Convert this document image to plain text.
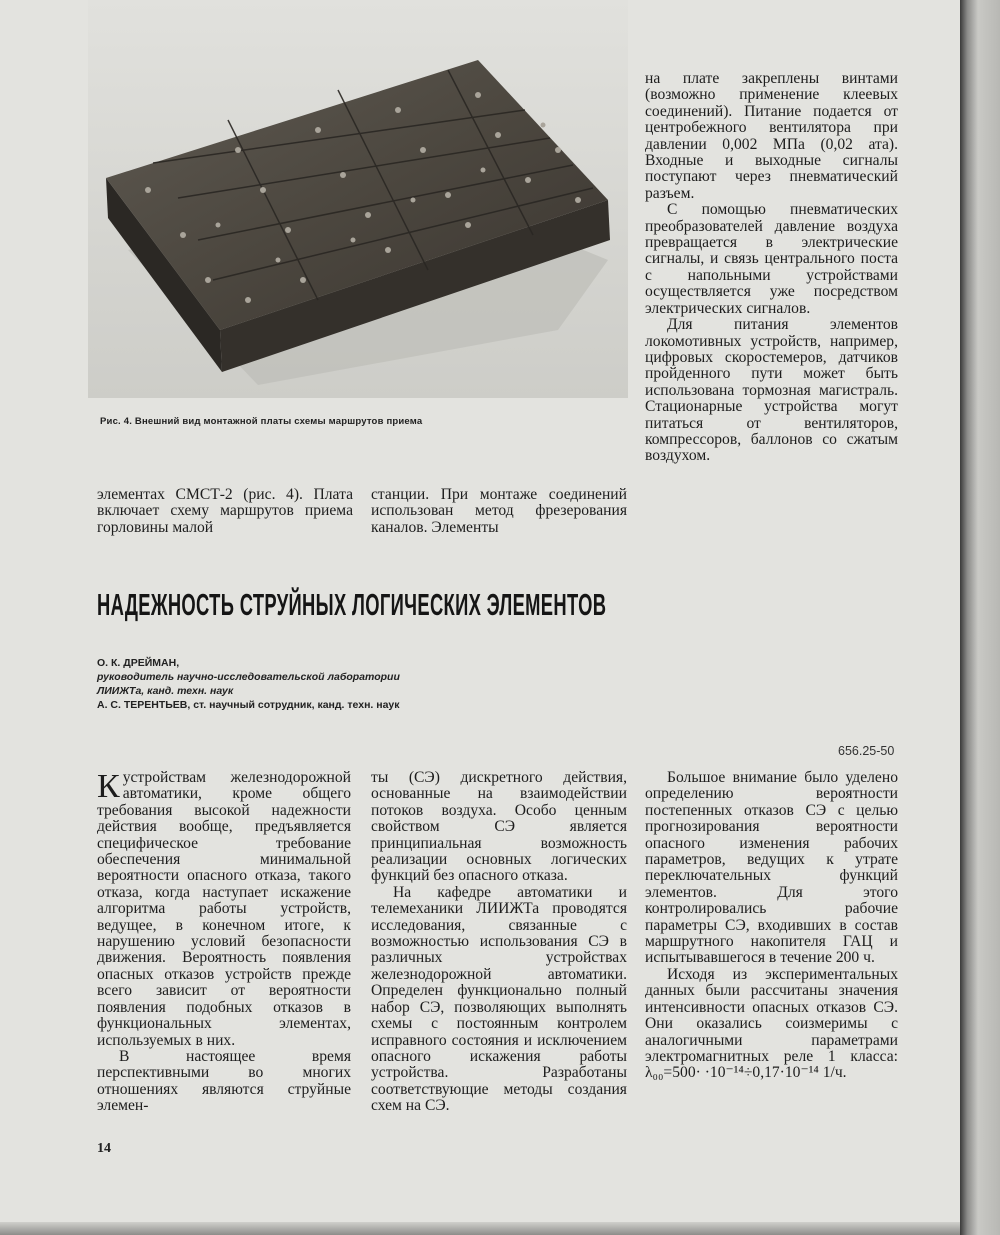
Рис. 4. Внешний вид монтажной платы схемы маршрутов приема

элементах СМСТ-2 (рис. 4). Плата включает схему маршрутов приема горловины малой

станции. При монтаже соединений использован метод фрезерования каналов. Элементы

на плате закреплены винтами (возможно применение клеевых соединений). Питание подается от центробежного вентилятора при давлении 0,002 МПа (0,02 ата). Входные и выходные сигналы поступают через пневматический разъем.

С помощью пневматических преобразователей давление воздуха превращается в электрические сигналы, и связь центрального поста с напольными устройствами осуществляется уже посредством электрических сигналов.

Для питания элементов локомотивных устройств, например, цифровых скоростемеров, датчиков пройденного пути может быть использована тормозная магистраль. Стационарные устройства могут питаться от вентиляторов, компрессоров, баллонов со сжатым воздухом.

НАДЕЖНОСТЬ СТРУЙНЫХ ЛОГИЧЕСКИХ ЭЛЕМЕНТОВ
О. К. ДРЕЙМАН,
руководитель научно-исследовательской лаборатории
ЛИИЖТа, канд. техн. наук
А. С. ТЕРЕНТЬЕВ, ст. научный сотрудник, канд. техн. наук
656.25-50

Кустройствам железнодорожной автоматики, кроме общего требования высокой надежности действия вообще, предъявляется специфическое требование обеспечения минимальной вероятности опасного отказа, такого отказа, когда наступает искажение алгоритма работы устройств, ведущее, в конечном итоге, к нарушению условий безопасности движения. Вероятность появления опасных отказов устройств прежде всего зависит от вероятности появления подобных отказов в функциональных элементах, используемых в них.

В настоящее время перспективными во многих отношениях являются струйные элемен-

ты (СЭ) дискретного действия, основанные на взаимодействии потоков воздуха. Особо ценным свойством СЭ является принципиальная возможность реализации основных логических функций без опасного отказа.

На кафедре автоматики и телемеханики ЛИИЖТа проводятся исследования, связанные с возможностью использования СЭ в различных устройствах железнодорожной автоматики. Определен функционально полный набор СЭ, позволяющих выполнять схемы с постоянным контролем исправного состояния и исключением опасного искажения работы устройства. Разработаны соответствующие методы создания схем на СЭ.

Большое внимание было уделено определению вероятности постепенных отказов СЭ с целью прогнозирования вероятности опасного изменения рабочих параметров, ведущих к утрате переключательных функций элементов. Для этого контролировались рабочие параметры СЭ, входивших в состав маршрутного накопителя ГАЦ и испытывавшегося в течение 200 ч.

Исходя из экспериментальных данных были рассчитаны значения интенсивности опасных отказов СЭ. Они оказались соизмеримы с аналогичными параметрами электромагнитных реле 1 класса: λ₀₀=500· ·10⁻¹⁴÷0,17·10⁻¹⁴ 1/ч.

14
